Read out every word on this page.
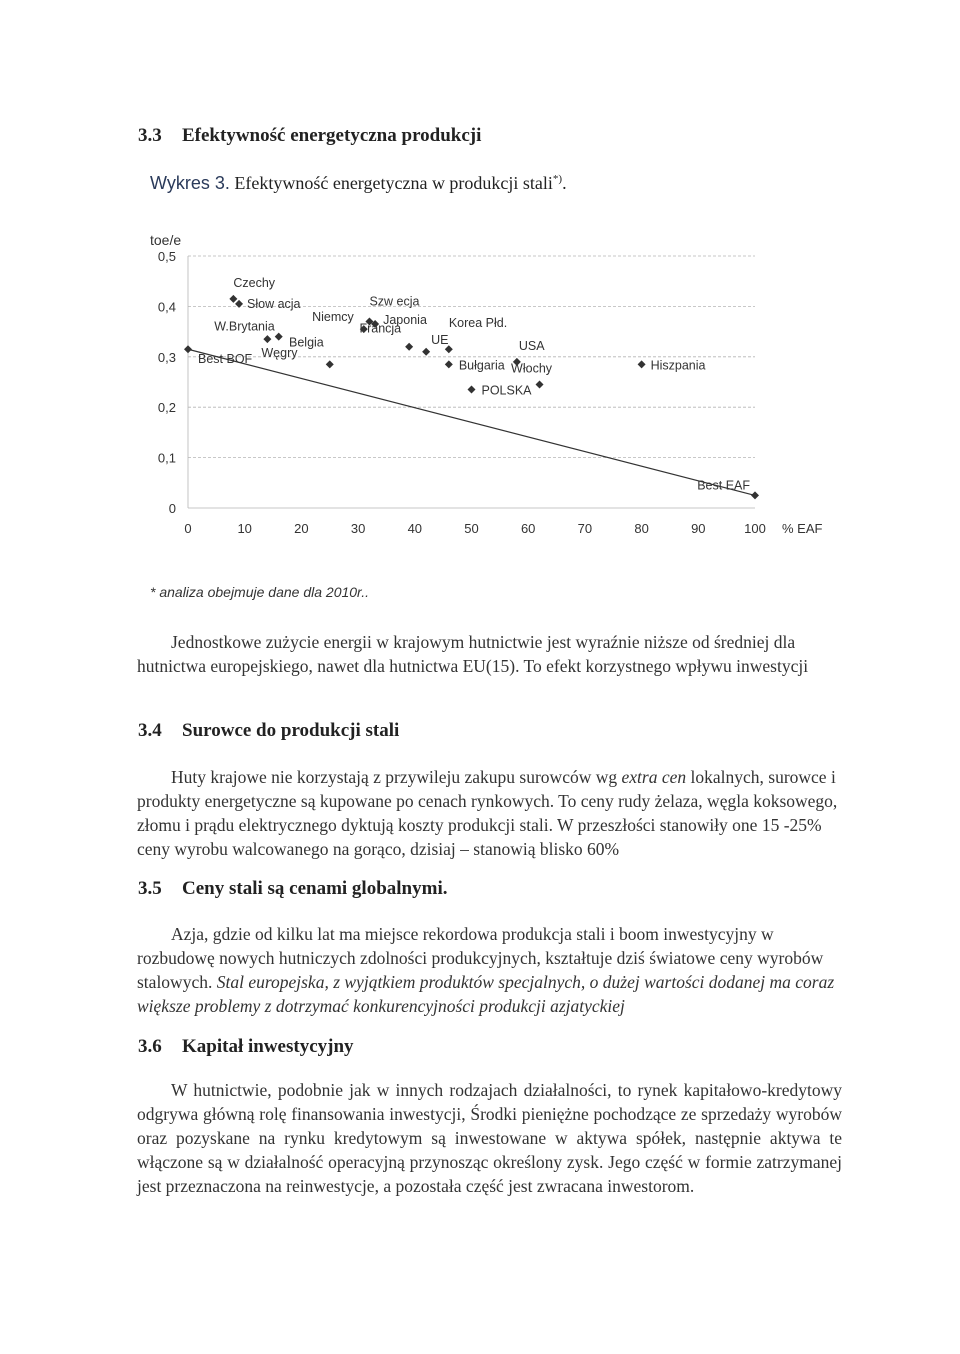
3.3 Efektywność energetyczna produkcji
Wykres 3. Efektywność energetyczna w produkcji stali*).
0
0,1
0,2
0,3
0,4
0,5
0	10	20	30	40	50	60	70	80	90	100
Best BOF
Czechy
Słow acja
Węgry
W.Brytania
Niemcy
Szw ecja
Japonia
Belgia
Francja
UE
Korea Płd.
Bułgaria
USA
Włochy
POLSKA
Hiszpania
Best EAF
toe/e
% EAF
* analiza obejmuje dane dla 2010r..

Jednostkowe zużycie energii w krajowym hutnictwie jest wyraźnie niższe od średniej dla hutnictwa europejskiego, nawet dla hutnictwa EU(15). To efekt korzystnego wpływu inwestycji

3.4 Surowce do produkcji stali

Huty krajowe nie korzystają z przywileju zakupu surowców wg extra cen lokalnych, surowce i produkty energetyczne są kupowane po cenach rynkowych. To ceny rudy żelaza, węgla koksowego, złomu i prądu elektrycznego dyktują koszty produkcji stali. W przeszłości stanowiły one 15 -25% ceny wyrobu walcowanego na gorąco, dzisiaj – stanowią blisko 60%

3.5 Ceny stali są cenami globalnymi.

Azja, gdzie od kilku lat ma miejsce rekordowa produkcja stali i boom inwestycyjny w rozbudowę nowych hutniczych zdolności produkcyjnych, kształtuje dziś światowe ceny wyrobów stalowych. Stal europejska, z wyjątkiem produktów specjalnych, o dużej wartości dodanej ma coraz większe problemy z dotrzymać konkurencyjności produkcji azjatyckiej

3.6 Kapitał inwestycyjny

W hutnictwie, podobnie jak w innych rodzajach działalności, to rynek kapitałowo-kredytowy odgrywa główną rolę finansowania inwestycji, Środki pieniężne pochodzące ze sprzedaży wyrobów oraz pozyskane na rynku kredytowym są inwestowane w aktywa spółek, następnie aktywa te włączone są w działalność operacyjną przynosząc określony zysk. Jego część w formie zatrzymanej jest przeznaczona na reinwestycje, a pozostała część jest zwracana inwestorom.
